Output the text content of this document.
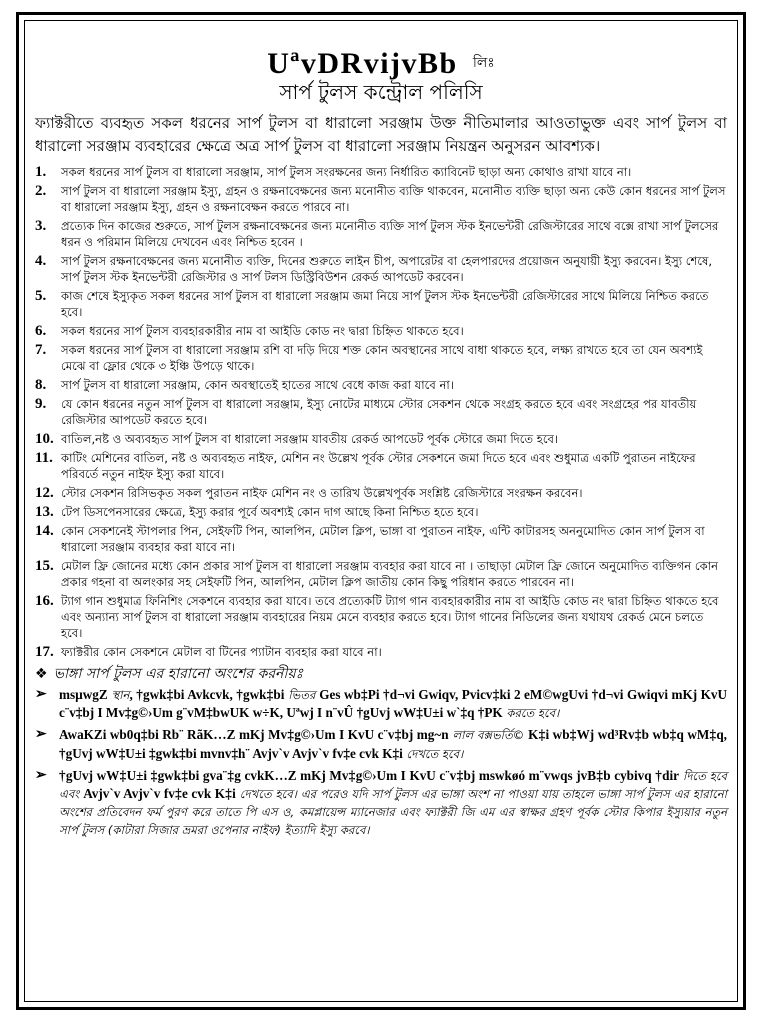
UªvDRvijvBb লিঃ
সার্প টুলস কন্ট্রোল পলিসি
ফ্যাক্টরীতে ব্যবহৃত সকল ধরনের সার্প টুলস বা ধারালো সরঞ্জাম উক্ত নীতিমালার আওতাভুক্ত এবং সার্প টুলস বা ধারালো সরঞ্জাম ব্যবহারের ক্ষেত্রে অত্র সার্প টুলস বা ধারালো সরঞ্জাম নিয়ন্ত্রন অনুসরন আবশ্যক।
1. সকল ধরনের সার্প টুলস বা ধারালো সরঞ্জাম, সার্প টুলস সংরক্ষনের জন্য নির্ধারিত ক্যাবিনেট ছাড়া অন্য কোথাও রাখা যাবে না।
2. সার্প টুলস বা ধারালো সরঞ্জাম ইস্যু, গ্রহন ও রক্ষনাবেক্ষনের জন্য মনোনীত ব্যক্তি থাকবেন, মনোনীত ব্যক্তি ছাড়া অন্য কেউ কোন ধরনের সার্প টুলস বা ধারালো সরঞ্জাম ইস্যু, গ্রহন ও রক্ষনাবেক্ষন করতে পারবে না।
3. প্রত্যেক দিন কাজের শুরুতে, সার্প টুলস রক্ষনাবেক্ষনের জন্য মনোনীত ব্যক্তি সার্প টুলস স্টক ইনভেন্টরী রেজিস্টারের সাথে বক্সে রাখা সার্প টুলসের ধরন ও পরিমান মিলিয়ে দেখবেন এবং নিশ্চিত হবেন ।
4. সার্প টুলস রক্ষনাবেক্ষনের জন্য মনোনীত ব্যক্তি, দিনের শুরুতে লাইন চীপ, অপারেটর বা হেলপারদের প্রয়োজন অনুযায়ী ইস্যু করবেন। ইস্যু শেষে, সার্প টুলস স্টক ইনভেন্টরী রেজিস্টার ও সার্প টলস ডিস্ট্রিবিউশন রেকর্ড আপডেট করবেন।
5. কাজ শেষে ইস্যুকৃত সকল ধরনের সার্প টুলস বা ধারালো সরঞ্জাম জমা নিয়ে সার্প টুলস স্টক ইনভেন্টরী রেজিস্টারের সাথে মিলিয়ে নিশ্চিত করতে হবে।
6. সকল ধরনের সার্প টুলস ব্যবহারকারীর নাম বা আইডি কোড নং দ্বারা চিহ্নিত থাকতে হবে।
7. সকল ধরনের সার্প টুলস বা ধারালো সরঞ্জাম রশি বা দড়ি দিয়ে শক্ত কোন অবস্থানের সাথে বাধা থাকতে হবে, লক্ষ্য রাখতে হবে তা যেন অবশ্যই মেঝে বা ফ্লোর থেকে ৩ ইঞ্চি উপড়ে থাকে।
8. সার্প টুলস বা ধারালো সরঞ্জাম, কোন অবস্থাতেই হাতের সাথে বেধে কাজ করা যাবে না।
9. যে কোন ধরনের নতুন সার্প টুলস বা ধারালো সরঞ্জাম, ইস্যু নোটের মাধ্যমে স্টোর সেকশন থেকে সংগ্রহ করতে হবে এবং সংগ্রহের পর যাবতীয় রেজিস্টার আপডেট করতে হবে।
10. বাতিল,নষ্ট ও অব্যবহৃত সার্প টুলস বা ধারালো সরঞ্জাম যাবতীয় রেকর্ড আপডেট পূর্বক স্টোরে জমা দিতে হবে।
11. কাটিং মেশিনের বাতিল, নষ্ট ও অব্যবহৃত নাইফ, মেশিন নং উল্লেখ পূর্বক স্টোর সেকশনে জমা দিতে হবে এবং শুধুমাত্র একটি পুরাতন নাইফের পরিবর্তে নতুন নাইফ ইস্যু করা যাবে।
12. স্টোর সেকশন রিসিভকৃত সকল পুরাতন নাইফ মেশিন নং ও তারিখ উল্লেখপূর্বক সংশ্লিষ্ট রেজিস্টারে সংরক্ষন করবেন।
13. টেপ ডিসপেনসারের ক্ষেত্রে, ইস্যু করার পূর্বে অবশ্যই কোন দাগ আছে কিনা নিশ্চিত হতে হবে।
14. কোন সেকশনেই স্টাপলার পিন, সেইফটি পিন, আলপিন, মেটাল ক্লিপ, ভাঙ্গা বা পুরাতন নাইফ, এন্টি কাটারসহ অননুমোদিত কোন সার্প টুলস বা ধারালো সরঞ্জাম ব্যবহার করা যাবে না।
15. মেটাল ফ্রি জোনের মধ্যে কোন প্রকার সার্প টুলস বা ধারালো সরঞ্জাম ব্যবহার করা যাবে না । তাছাড়া মেটাল ফ্রি জোনে অনুমোদিত ব্যক্তিগন কোন প্রকার গহনা বা অলংকার সহ সেইফটি পিন, আলপিন, মেটাল ক্লিপ জাতীয় কোন কিছু পরিধান করতে পারবেন না।
16. ট্যাগ গান শুধুমাত্র ফিনিশিং সেকশনে ব্যবহার করা যাবে। তবে প্রত্যেকটি ট্যাগ গান ব্যবহারকারীর নাম বা আইডি কোড নং দ্বারা চিহ্নিত থাকতে হবে এবং অন্যান্য সার্প টুলস বা ধারালো সরঞ্জাম ব্যবহারের নিয়ম মেনে ব্যবহার করতে হবে। ট্যাগ গানের নিডিলের জন্য যথাযথ রেকর্ড মেনে চলতে হবে।
17. ফ্যাক্টরীর কোন সেকশনে মেটাল বা টিনের প্যাটান ব্যবহার করা যাবে না।
❖ ভাঙ্গা সার্প টুলস এর হারানো অংশের করনীয়ঃ
➢ msµwgZ স্থান, †gwk‡bi Avkcvk, †gwk‡bi ভিতর Ges wb‡Pi †d¬vi Gwiqv, Pvicv‡ki 2 eM©wgUvi †d¬vi Gwiqvi mKj KvU c¨v‡bj I Mv‡g©›Um g¨vM‡bwUK w÷K, Uªwj I n¨vÛ †gUvj wW‡U±i w`‡q †PK করতে হবে।
➢ AwaKZi wb0q‡bi Rb¨ RãK…Z mKj Mv‡g©›Um I KvU c¨v‡bj mg~n লাল বক্সভর্তি© K‡i wb‡Wj wd³Rv‡b wb‡q wM‡q, †gUvj wW‡U±i ‡gwk‡bi mvnv‡h¨ Avjv`v Avjv`v fv‡e cvk K‡i দেখতে হবে।
➢ †gUvj wW‡U±i ‡gwk‡bi gva¨‡g cvkK…Z mKj Mv‡g©›Um I KvU c¨v‡bj mswkøó m¨vwqs jvB‡b cybivq †dir দিতে হবে এবং Avjv`v Avjv`v fv‡e cvk K‡i দেখতে হবে। এর পরেও যদি সার্প টুলস এর ভাঙ্গা অংশ না পাওয়া যায় তাহলে ভাঙ্গা সার্প টুলস এর হারানো অংশের প্রতিবেদন ফর্ম পুরণ করে তাতে পি এস ও, কমপ্লায়েন্স ম্যানেজার এবং ফ্যাক্টরী জি এম এর স্বাক্ষর গ্রহণ পূর্বক স্টোর কিপার ইস্যুয়ার নতুন সার্প টুলস (কাটারা সিজার ভ্রমরা ওপেনার নাইফ) ইত্যাদি ইস্যু করবে।
